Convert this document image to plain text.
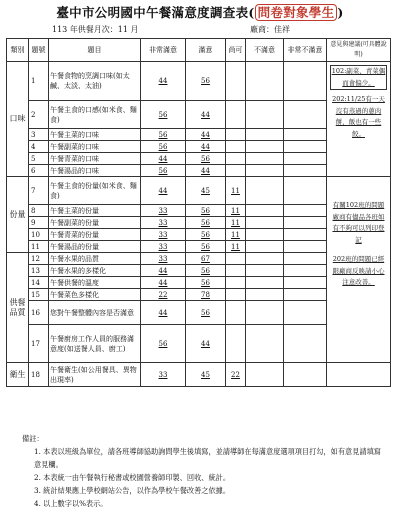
臺中市公明國中午餐滿意度調查表( 問卷對象學生 )
113 年供餐月次：11 月	廠商：佳祥
類別	題號	題目	非常滿意	滿意	尚可	不滿意	非常不滿意	意見與建議(可具體說明)
口味	1	午餐食物的烹調口味(如太鹹、太淡、太油)	44	56				102:副菜、青菜偶而會偏少。
202:11/25有一天沒有蒸過的蔥肉餅，飯也有一些餃。

	2	午餐主食的口感(如米食、麵食)	56	44				
	3	午餐主菜的口味	56	44				
	4	午餐副菜的口味	56	44				
	5	午餐青菜的口味	44	56				
	6	午餐湯品的口味	56	44				
份量	7	午餐主食的份量(如米食、麵食)	44	45	11			有關102班的問題廠商有儘品各班如有不夠可以列印登記
202班的問題已經跟廠商反映請小心注意改善。

	8	午餐主菜的份量	33	56	11			
	9	午餐副菜的份量	33	56	11			
	10	午餐青菜的份量	33	56	11			
	11	午餐湯品的份量	33	56	11			
供餐品質	12	午餐水果的品質	33	67				
	13	午餐水果的多樣化	44	56				
	14	午餐供餐的溫度	44	56				
	15	午餐菜色多樣化	22	78				
	16	您對午餐整體內容是否滿意	44	56				
	17	午餐廚房工作人員的服務滿意度(如送餐人員、廚工)	56	44				
衛生	18	午餐衛生(如公用餐具、異物出現率)	33	45	22			
備註：
1. 本表以班級為單位，請各班導師協助詢問學生後填寫，並請導師在每滿意度選項項目打勾，如有意見請填寫意見欄。
2. 本表統一由午餐執行秘書或校園營養師印製、回收、統計。
3. 統計結果應上學校網站公告，以作為學校午餐改善之依據。
4. 以上數字以%表示。
